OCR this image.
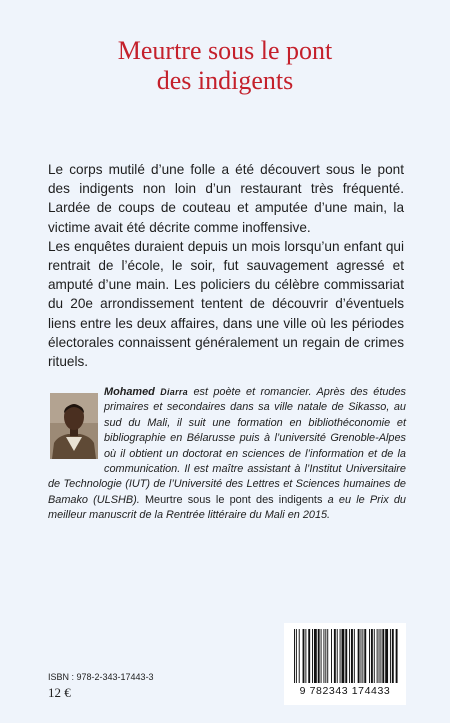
Meurtre sous le pont
des indigents

Le corps mutilé d’une folle a été découvert sous le pont des indigents non loin d’un restaurant très fréquenté. Lardée de coups de couteau et amputée d’une main, la victime avait été décrite comme inoffensive.

Les enquêtes duraient depuis un mois lorsqu’un enfant qui rentrait de l’école, le soir, fut sauvagement agressé et amputé d’une main. Les policiers du célèbre commissariat du 20e arrondissement tentent de découvrir d’éventuels liens entre les deux affaires, dans une ville où les périodes électorales connaissent généralement un regain de crimes rituels.

Mohamed Diarra est poète et romancier. Après des études primaires et secondaires dans sa ville natale de Sikasso, au sud du Mali, il suit une formation en bibliothéconomie et bibliographie en Bélarusse puis à l’université Grenoble-Alpes où il obtient un doctorat en sciences de l’information et de la communication. Il est maître assistant à l’Institut Universitaire de Technologie (IUT) de l’Université des Lettres et Sciences humaines de Bamako (ULSHB). Meurtre sous le pont des indigents a eu le Prix du meilleur manuscrit de la Rentrée littéraire du Mali en 2015.
ISBN : 978-2-343-17443-3
12 €	9 782343 174433
